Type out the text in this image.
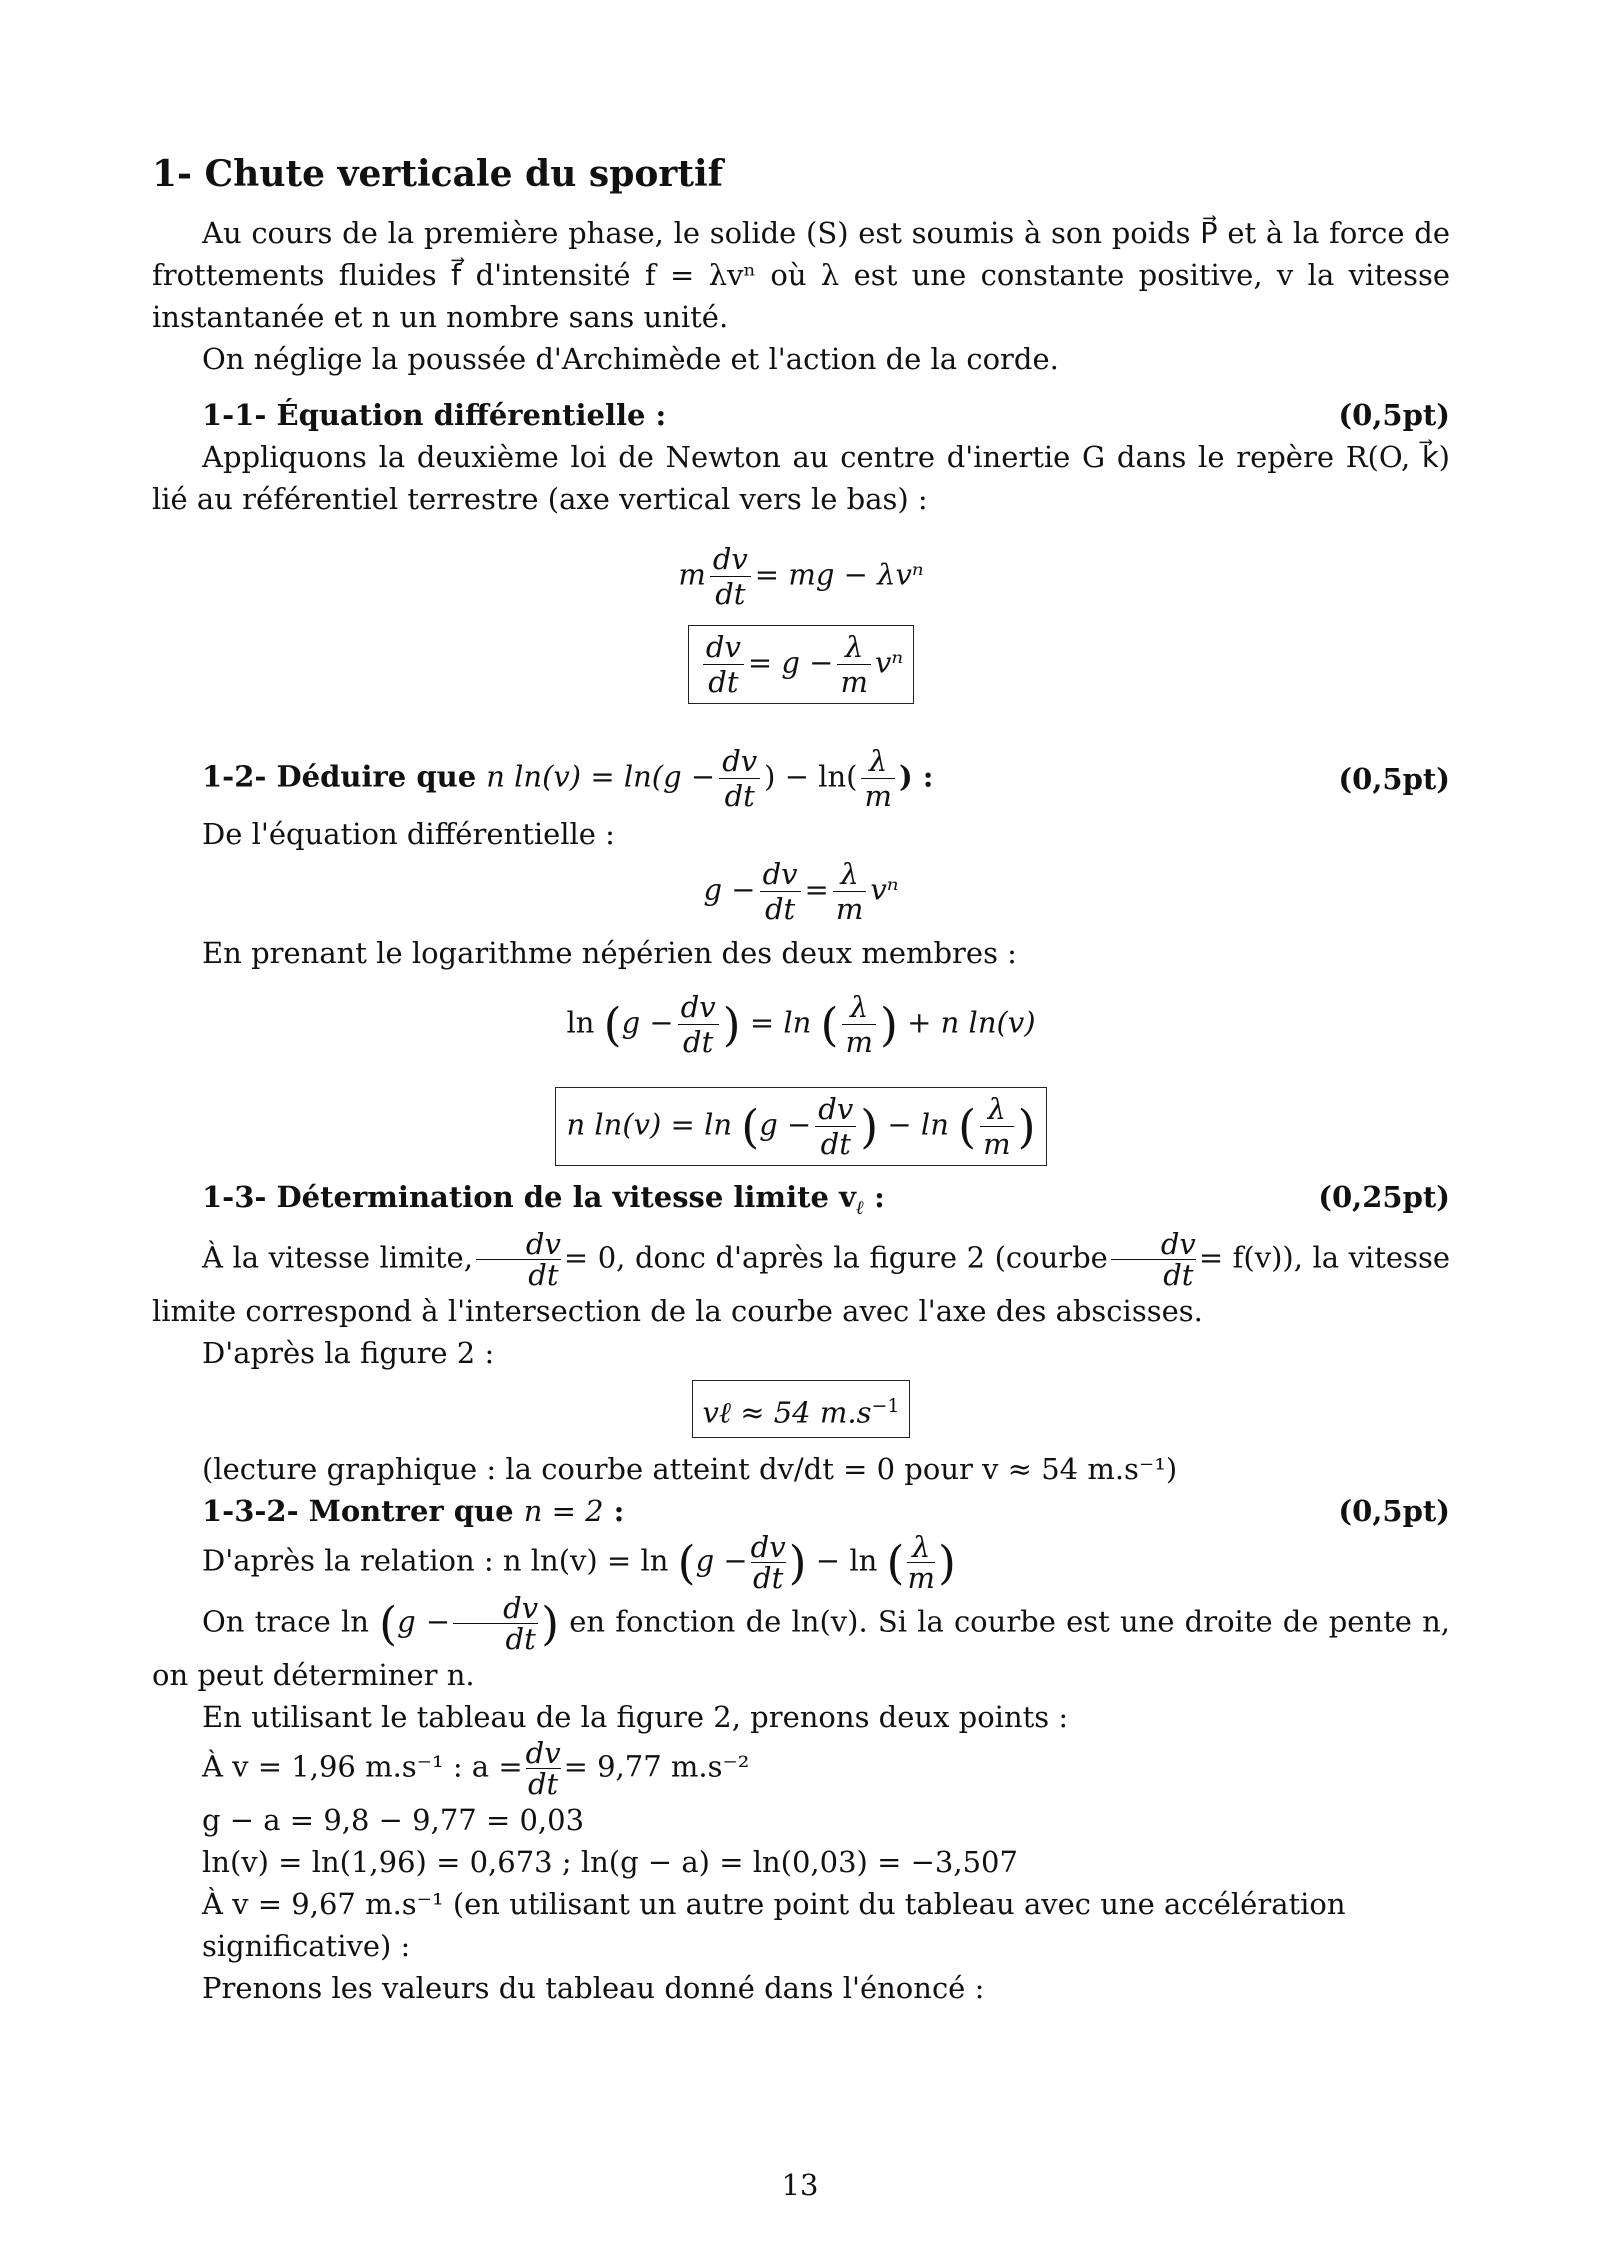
1- Chute verticale du sportif

Au cours de la première phase, le solide (S) est soumis à son poids P⃗ et à la force de frottements fluides f⃗ d'intensité f = λvⁿ où λ est une constante positive, v la vitesse instantanée et n un nombre sans unité.

On néglige la poussée d'Archimède et l'action de la corde.

1-1- Équation différentielle :	(0,5pt)

Appliquons la deuxième loi de Newton au centre d'inertie G dans le repère R(O, k⃗) lié au référentiel terrestre (axe vertical vers le bas) :

m $\frac{dv}{dt}$ = mg − λvⁿ
$\frac{dv}{dt} = g - \frac{\lambda}{m}$ vⁿ
1-2- Déduire que n $\ln(v) = \ln(g - \frac{dv}{dt}$ ) − $\ln( \frac{\lambda}{m}$ ) :	(0,5pt)

De l'équation différentielle :

$g - \frac{dv}{dt} = \frac{\lambda}{m}$ vⁿ

En prenant le logarithme népérien des deux membres :

$\ln (g - \frac{dv}{dt}$ ) = ln ( $\frac{\lambda}{m}$ ) + n ln(v)
n $\ln(v) = \ln (g - \frac{dv}{dt}$ ) − ln ( $\frac{\lambda}{m}$ )
1-3- Détermination de la vitesse limite $v_\ell$ :	(0,25pt)

À la vitesse limite, $\frac{dv}{dt} = 0$, donc d'après la figure 2 (courbe $\frac{dv}{dt} = f(v)$), la vitesse limite correspond à l'intersection de la courbe avec l'axe des abscisses.

D'après la figure 2 :

vℓ ≈ 54 $m.s^{-1}$

(lecture graphique : la courbe atteint dv/dt = 0 pour v ≈ 54 m.s⁻¹)

1-3-2- Montrer que n = 2 :	(0,5pt)

D'après la relation : n $\ln(v) = \ln (g - \frac{dv}{dt}$ ) − ln ( $\frac{\lambda}{m}$ )

On trace $\ln (g - \frac{dv}{dt}$ ) en fonction de ln(v). Si la courbe est une droite de pente n, on peut déterminer n.

En utilisant le tableau de la figure 2, prenons deux points :

À v = 1,96 m.s⁻¹ : $a = \frac{dv}{dt} = 9,77$ m.s⁻²

g − a = 9,8 − 9,77 = 0,03

ln(v) = ln(1,96) = 0,673 ; ln(g − a) = ln(0,03) = −3,507

À v = 9,67 m.s⁻¹ (en utilisant un autre point du tableau avec une accélération significative) :

Prenons les valeurs du tableau donné dans l'énoncé :

13
